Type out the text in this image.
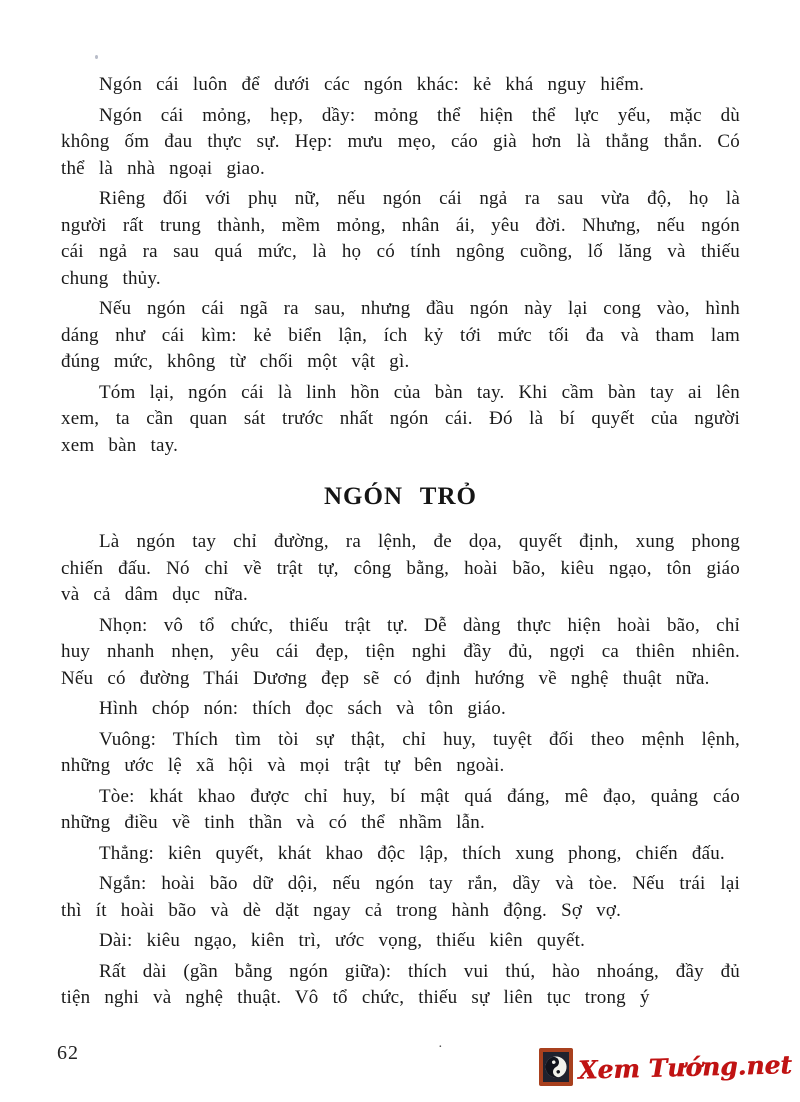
Ngón cái luôn để dưới các ngón khác: kẻ khá nguy hiểm.

Ngón cái mỏng, hẹp, dầy: mỏng thể hiện thể lực yếu, mặc dù không ốm đau thực sự. Hẹp: mưu mẹo, cáo già hơn là thẳng thắn. Có thể là nhà ngoại giao.

Riêng đối với phụ nữ, nếu ngón cái ngả ra sau vừa độ, họ là người rất trung thành, mềm mỏng, nhân ái, yêu đời. Nhưng, nếu ngón cái ngả ra sau quá mức, là họ có tính ngông cuồng, lố lăng và thiếu chung thủy.

Nếu ngón cái ngã ra sau, nhưng đầu ngón này lại cong vào, hình dáng như cái kìm: kẻ biển lận, ích kỷ tới mức tối đa và tham lam đúng mức, không từ chối một vật gì.

Tóm lại, ngón cái là linh hồn của bàn tay. Khi cầm bàn tay ai lên xem, ta cần quan sát trước nhất ngón cái. Đó là bí quyết của người xem bàn tay.

NGÓN TRỎ

Là ngón tay chỉ đường, ra lệnh, đe dọa, quyết định, xung phong chiến đấu. Nó chỉ về trật tự, công bằng, hoài bão, kiêu ngạo, tôn giáo và cả dâm dục nữa.

Nhọn: vô tổ chức, thiếu trật tự. Dễ dàng thực hiện hoài bão, chỉ huy nhanh nhẹn, yêu cái đẹp, tiện nghi đầy đủ, ngợi ca thiên nhiên. Nếu có đường Thái Dương đẹp sẽ có định hướng về nghệ thuật nữa.

Hình chóp nón: thích đọc sách và tôn giáo.

Vuông: Thích tìm tòi sự thật, chỉ huy, tuyệt đối theo mệnh lệnh, những ước lệ xã hội và mọi trật tự bên ngoài.

Tòe: khát khao được chỉ huy, bí mật quá đáng, mê đạo, quảng cáo những điều về tinh thần và có thể nhầm lẫn.

Thẳng: kiên quyết, khát khao độc lập, thích xung phong, chiến đấu.

Ngắn: hoài bão dữ dội, nếu ngón tay rắn, dầy và tòe. Nếu trái lại thì ít hoài bão và dè dặt ngay cả trong hành động. Sợ vợ.

Dài: kiêu ngạo, kiên trì, ước vọng, thiếu kiên quyết.

Rất dài (gần bằng ngón giữa): thích vui thú, hào nhoáng, đầy đủ tiện nghi và nghệ thuật. Vô tổ chức, thiếu sự liên tục trong ý

62	·
Xem Tướng.net
